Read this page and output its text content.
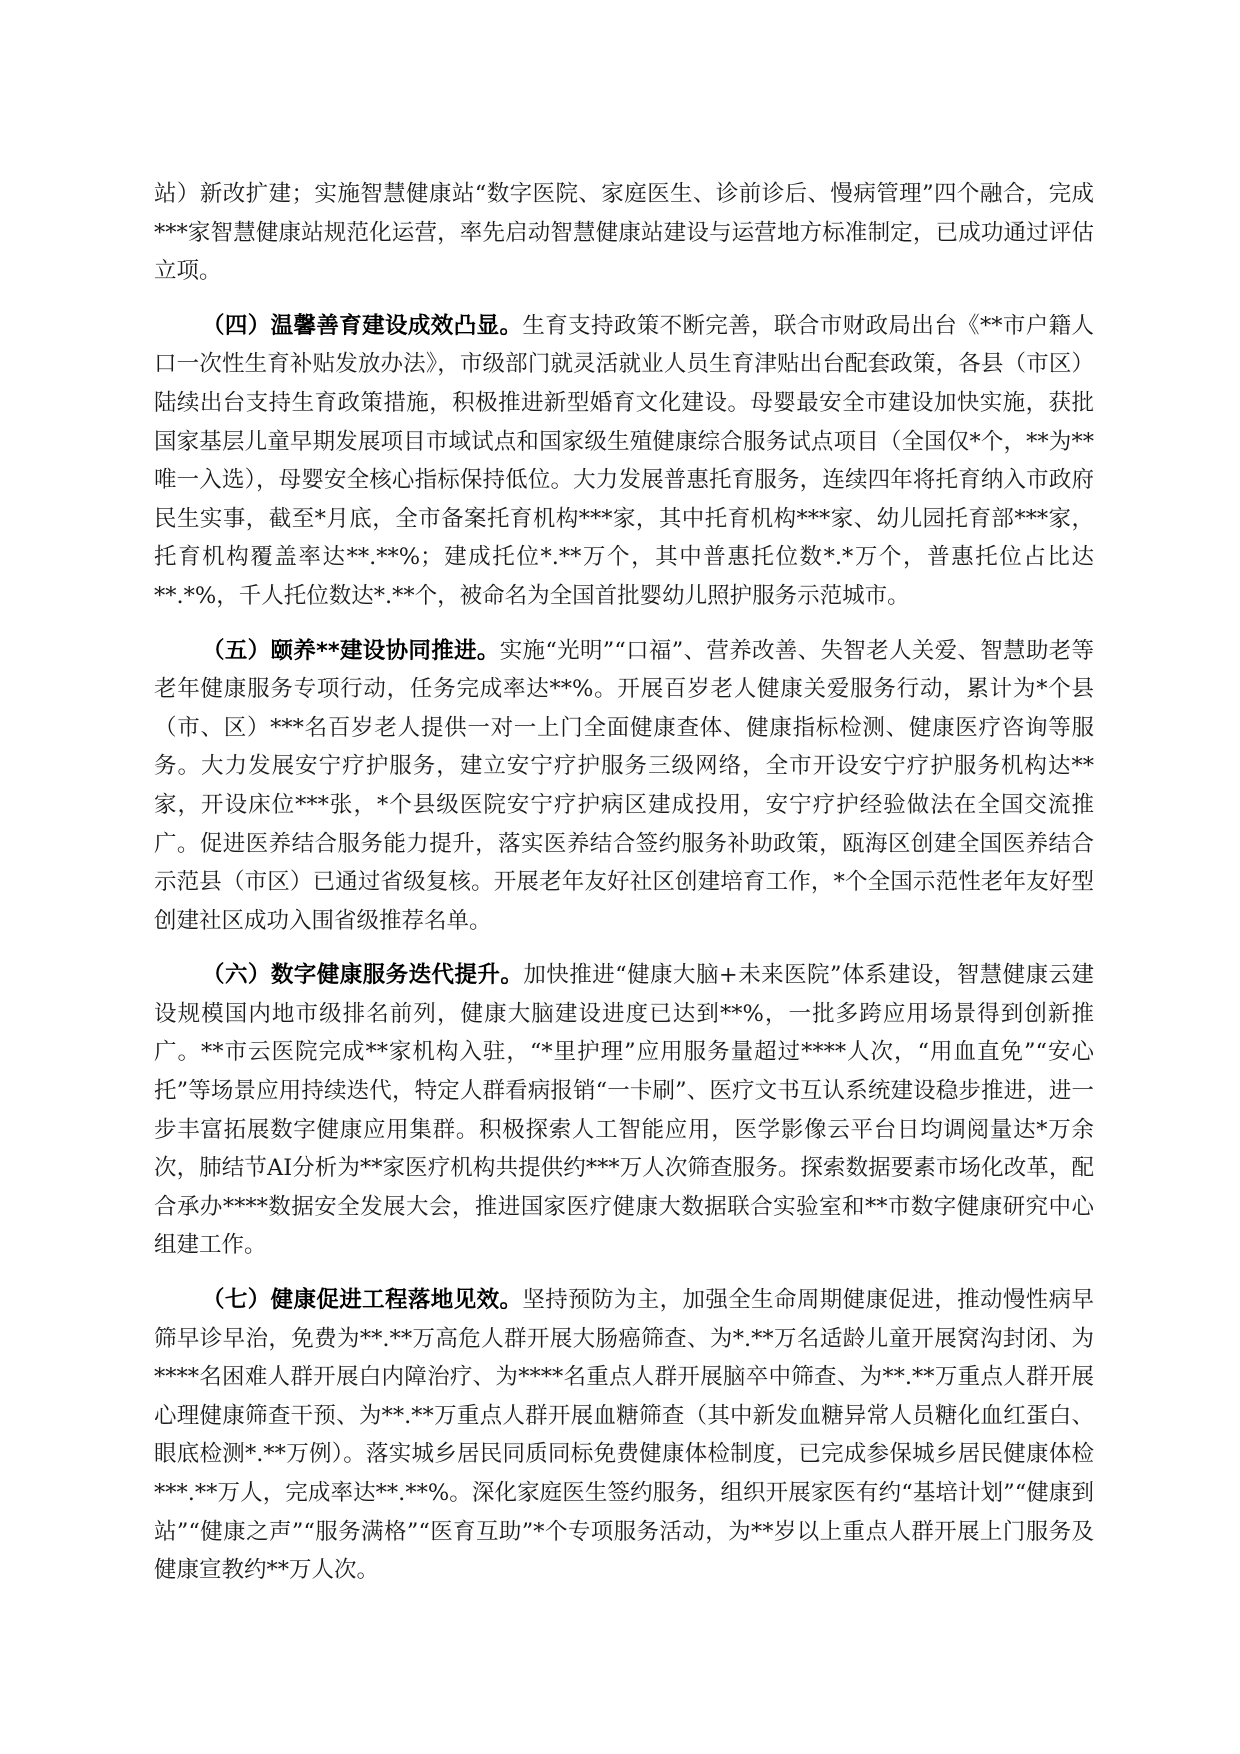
站）新改扩建；实施智慧健康站“数字医院、家庭医生、诊前诊后、慢病管理”四个融合，完成***家智慧健康站规范化运营，率先启动智慧健康站建设与运营地方标准制定，已成功通过评估立项。

（四）温馨善育建设成效凸显。生育支持政策不断完善，联合市财政局出台《**市户籍人口一次性生育补贴发放办法》，市级部门就灵活就业人员生育津贴出台配套政策，各县（市区）陆续出台支持生育政策措施，积极推进新型婚育文化建设。母婴最安全市建设加快实施，获批国家基层儿童早期发展项目市域试点和国家级生殖健康综合服务试点项目（全国仅*个，**为**唯一入选），母婴安全核心指标保持低位。大力发展普惠托育服务，连续四年将托育纳入市政府民生实事，截至*月底，全市备案托育机构***家，其中托育机构***家、幼儿园托育部***家，托育机构覆盖率达**.**%；建成托位*.**万个，其中普惠托位数*.*万个，普惠托位占比达**.*%，千人托位数达*.**个，被命名为全国首批婴幼儿照护服务示范城市。

（五）颐养**建设协同推进。实施“光明”“口福”、营养改善、失智老人关爱、智慧助老等老年健康服务专项行动，任务完成率达**%。开展百岁老人健康关爱服务行动，累计为*个县（市、区）***名百岁老人提供一对一上门全面健康查体、健康指标检测、健康医疗咨询等服务。大力发展安宁疗护服务，建立安宁疗护服务三级网络，全市开设安宁疗护服务机构达**家，开设床位***张，*个县级医院安宁疗护病区建成投用，安宁疗护经验做法在全国交流推广。促进医养结合服务能力提升，落实医养结合签约服务补助政策，瓯海区创建全国医养结合示范县（市区）已通过省级复核。开展老年友好社区创建培育工作，*个全国示范性老年友好型创建社区成功入围省级推荐名单。

（六）数字健康服务迭代提升。加快推进“健康大脑+未来医院”体系建设，智慧健康云建设规模国内地市级排名前列，健康大脑建设进度已达到**%，一批多跨应用场景得到创新推广。**市云医院完成**家机构入驻，“*里护理”应用服务量超过****人次，“用血直免”“安心托”等场景应用持续迭代，特定人群看病报销“一卡刷”、医疗文书互认系统建设稳步推进，进一步丰富拓展数字健康应用集群。积极探索人工智能应用，医学影像云平台日均调阅量达*万余次，肺结节AI分析为**家医疗机构共提供约***万人次筛查服务。探索数据要素市场化改革，配合承办****数据安全发展大会，推进国家医疗健康大数据联合实验室和**市数字健康研究中心组建工作。

（七）健康促进工程落地见效。坚持预防为主，加强全生命周期健康促进，推动慢性病早筛早诊早治，免费为**.**万高危人群开展大肠癌筛查、为*.**万名适龄儿童开展窝沟封闭、为****名困难人群开展白内障治疗、为****名重点人群开展脑卒中筛查、为**.**万重点人群开展心理健康筛查干预、为**.**万重点人群开展血糖筛查（其中新发血糖异常人员糖化血红蛋白、眼底检测*.**万例）。落实城乡居民同质同标免费健康体检制度，已完成参保城乡居民健康体检***.**万人，完成率达**.**%。深化家庭医生签约服务，组织开展家医有约“基培计划”“健康到站”“健康之声”“服务满格”“医育互助”*个专项服务活动，为**岁以上重点人群开展上门服务及健康宣教约**万人次。
